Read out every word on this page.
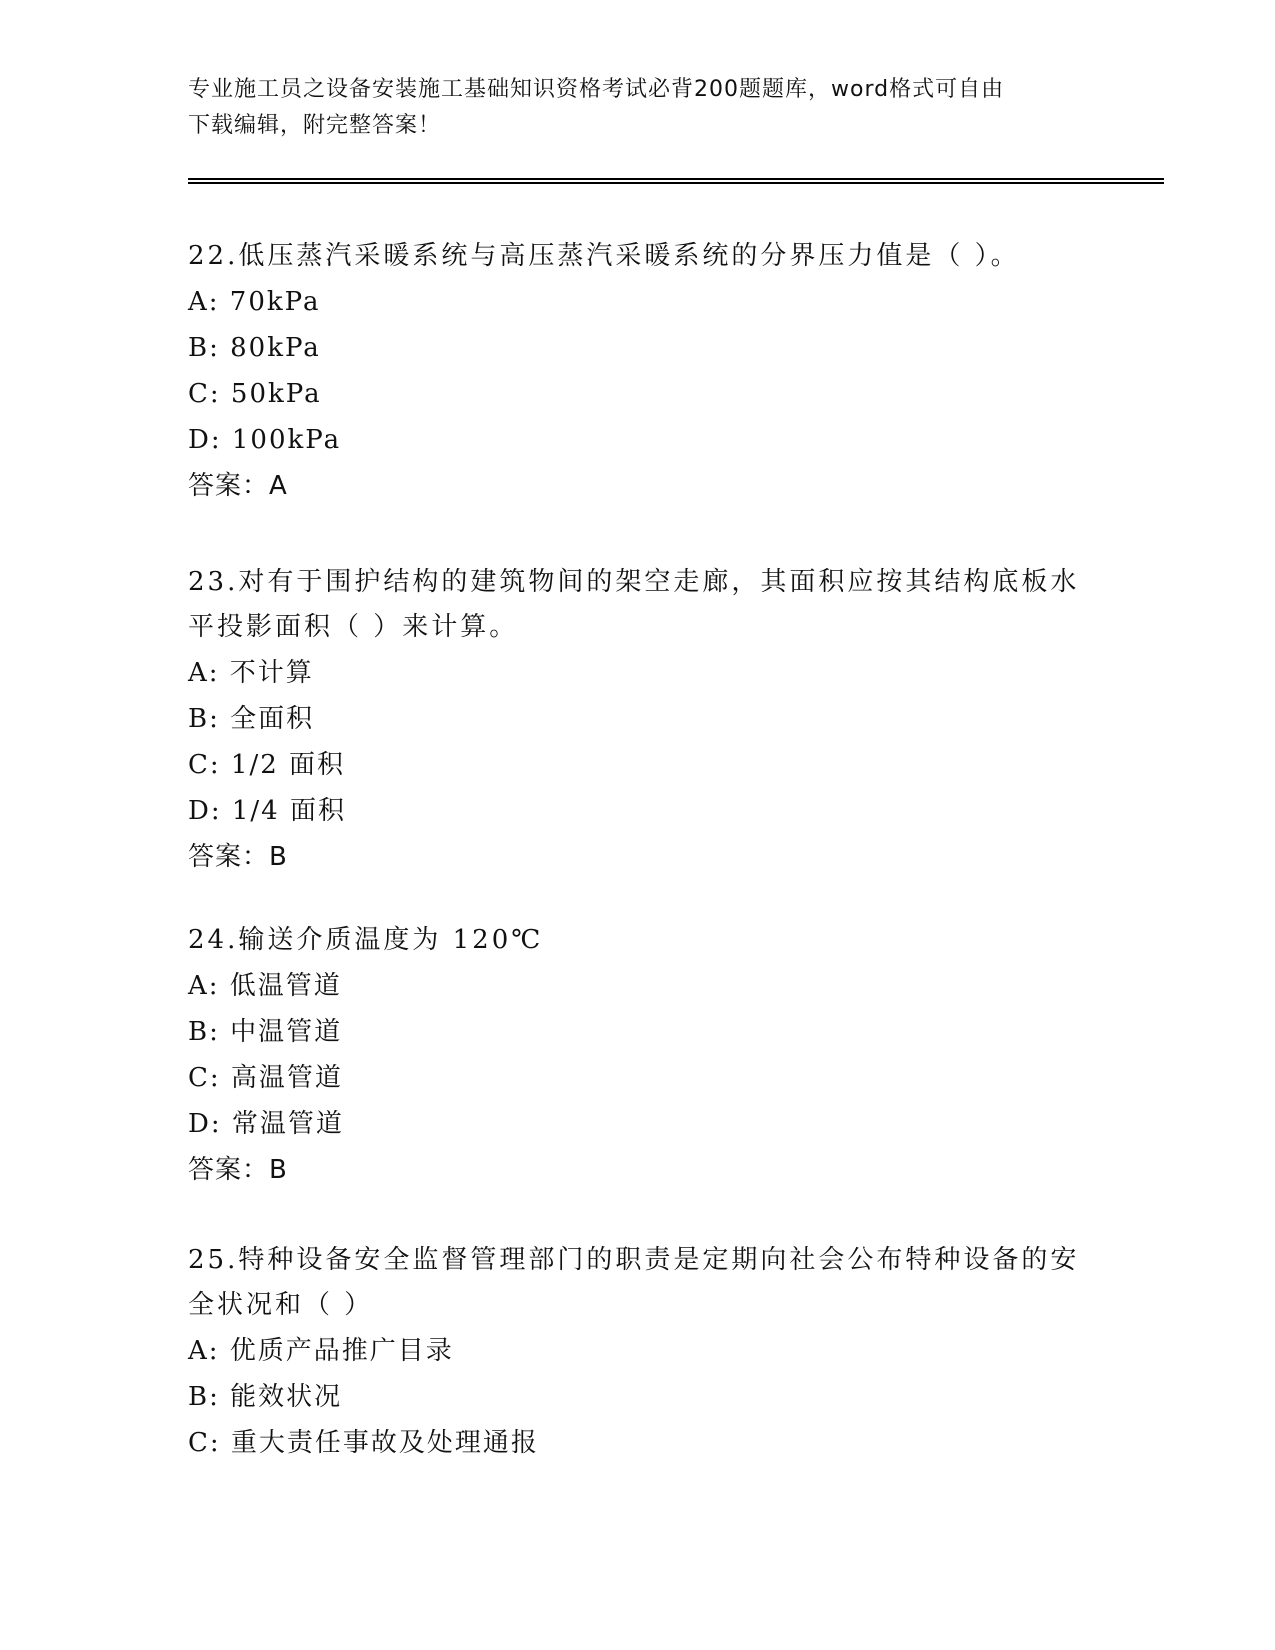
专业施工员之设备安装施工基础知识资格考试必背200题题库，word格式可自由
下载编辑，附完整答案！
22.低压蒸汽采暖系统与高压蒸汽采暖系统的分界压力值是（ ）。
A: 70kPa
B: 80kPa
C: 50kPa
D: 100kPa
答案：A
23.对有于围护结构的建筑物间的架空走廊，其面积应按其结构底板水
平投影面积（ ）来计算。
A: 不计算
B: 全面积
C: 1/2 面积
D: 1/4 面积
答案：B
24.输送介质温度为 120℃
A: 低温管道
B: 中温管道
C: 高温管道
D: 常温管道
答案：B
25.特种设备安全监督管理部门的职责是定期向社会公布特种设备的安
全状况和（ ）
A: 优质产品推广目录
B: 能效状况
C: 重大责任事故及处理通报
